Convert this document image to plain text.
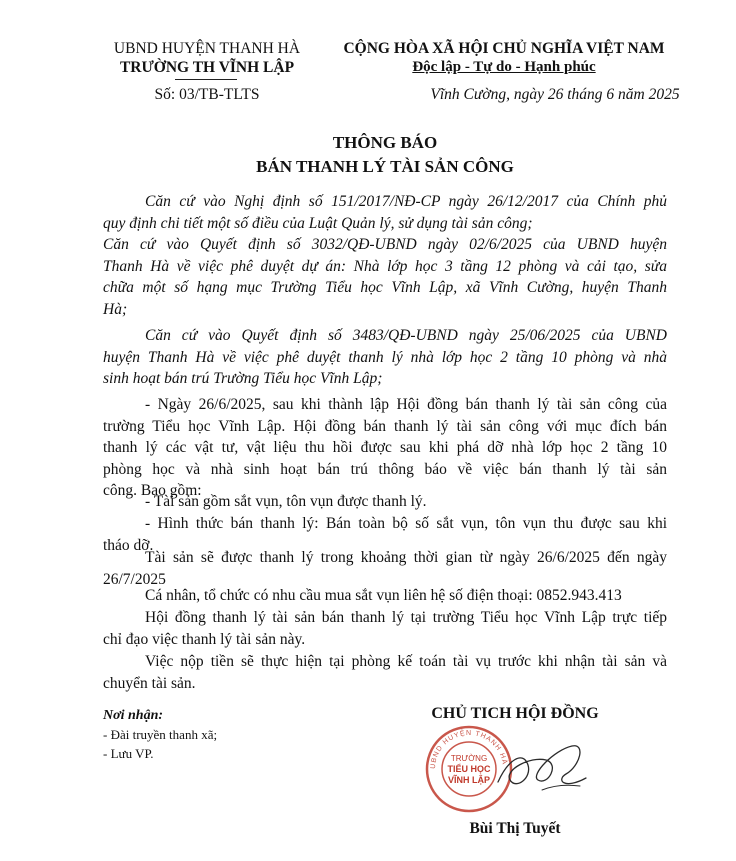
UBND HUYỆN THANH HÀ
TRƯỜNG TH VĨNH LẬP
Số: 03/TB-TLTS
CỘNG HÒA XÃ HỘI CHỦ NGHĨA VIỆT NAM
Độc lập - Tự do - Hạnh phúc
Vĩnh Cường, ngày 26 tháng 6 năm 2025
THÔNG BÁO
BÁN THANH LÝ TÀI SẢN CÔNG
Căn cứ vào Nghị định số 151/2017/NĐ-CP ngày 26/12/2017 của Chính phủ
quy định chi tiết một số điều của Luật Quản lý, sử dụng tài sản công;
Căn cứ vào Quyết định số 3032/QĐ-UBND ngày 02/6/2025 của UBND huyện
Thanh Hà về việc phê duyệt dự án: Nhà lớp học 3 tầng 12 phòng và cải tạo, sửa
chữa một số hạng mục Trường Tiểu học Vĩnh Lập, xã Vĩnh Cường, huyện Thanh
Hà;
Căn cứ vào Quyết định số 3483/QĐ-UBND ngày 25/06/2025 của UBND
huyện Thanh Hà về việc phê duyệt thanh lý nhà lớp học 2 tầng 10 phòng và nhà
sinh hoạt bán trú Trường Tiểu học Vĩnh Lập;
- Ngày 26/6/2025, sau khi thành lập Hội đồng bán thanh lý tài sản công của
trường Tiểu học Vĩnh Lập. Hội đồng bán thanh lý tài sản công với mục đích bán
thanh lý các vật tư, vật liệu thu hồi được sau khi phá dỡ nhà lớp học 2 tầng 10
phòng học và nhà sinh hoạt bán trú thông báo về việc bán thanh lý tài sản
công. Bao gồm:
- Tài sản gồm sắt vụn, tôn vụn được thanh lý.
- Hình thức bán thanh lý: Bán toàn bộ số sắt vụn, tôn vụn thu được sau khi
tháo dỡ.
Tài sản sẽ được thanh lý trong khoảng thời gian từ ngày 26/6/2025 đến ngày
26/7/2025
Cá nhân, tổ chức có nhu cầu mua sắt vụn liên hệ số điện thoại: 0852.943.413
Hội đồng thanh lý tài sản bán thanh lý tại trường Tiểu học Vĩnh Lập trực tiếp
chỉ đạo việc thanh lý tài sản này.
Việc nộp tiền sẽ thực hiện tại phòng kế toán tài vụ trước khi nhận tài sản và
chuyển tài sản.
Nơi nhận:
- Đài truyền thanh xã;
- Lưu VP.
CHỦ TICH HỘI ĐỒNG
UBND HUYỆN THANH HÀ
TRƯỜNG
TIỂU HỌC
VĨNH LẬP
Bùi Thị Tuyết
